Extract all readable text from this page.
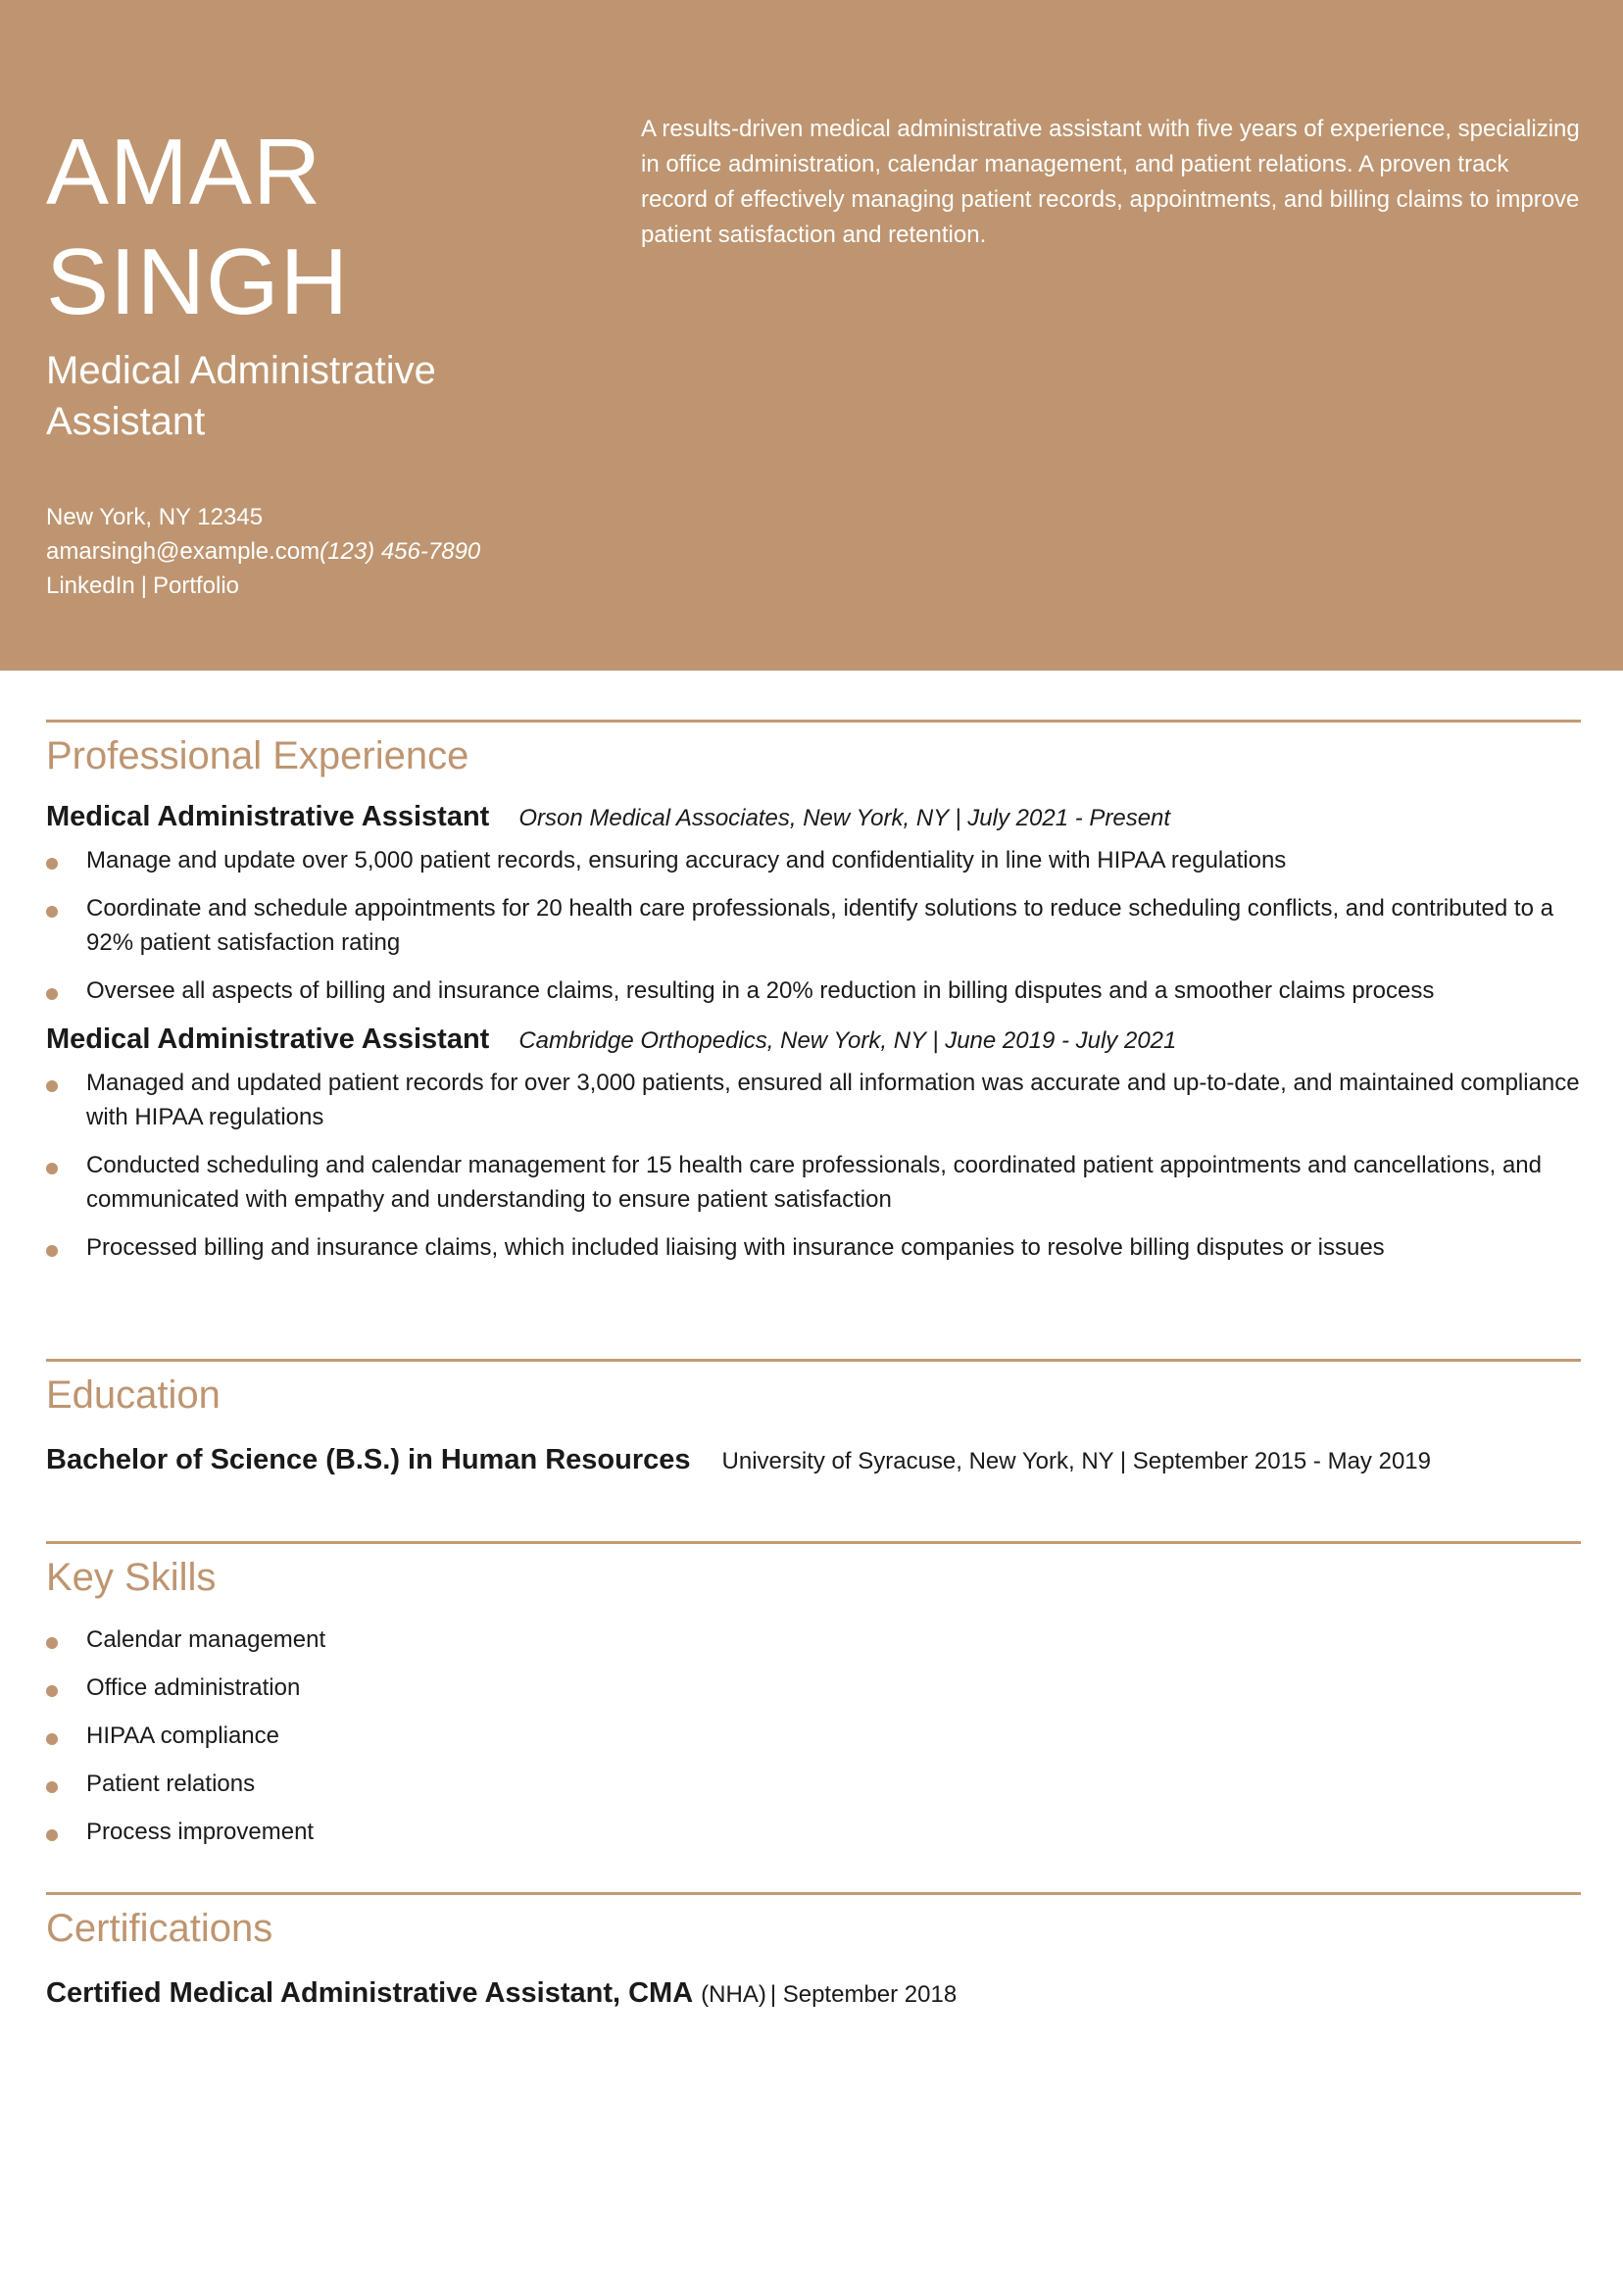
AMAR
SINGH
Medical Administrative Assistant
New York, NY 12345
amarsingh@example.com(123) 456-7890
LinkedIn | Portfolio
A results-driven medical administrative assistant with five years of experience, specializing in office administration, calendar management, and patient relations. A proven track record of effectively managing patient records, appointments, and billing claims to improve patient satisfaction and retention.
Professional Experience
Medical Administrative Assistant Orson Medical Associates, New York, NY | July 2021 - Present
Manage and update over 5,000 patient records, ensuring accuracy and confidentiality in line with HIPAA regulations
Coordinate and schedule appointments for 20 health care professionals, identify solutions to reduce scheduling conflicts, and contributed to a 92% patient satisfaction rating
Oversee all aspects of billing and insurance claims, resulting in a 20% reduction in billing disputes and a smoother claims process
Medical Administrative Assistant Cambridge Orthopedics, New York, NY | June 2019 - July 2021
Managed and updated patient records for over 3,000 patients, ensured all information was accurate and up-to-date, and maintained compliance with HIPAA regulations
Conducted scheduling and calendar management for 15 health care professionals, coordinated patient appointments and cancellations, and communicated with empathy and understanding to ensure patient satisfaction
Processed billing and insurance claims, which included liaising with insurance companies to resolve billing disputes or issues
Education
Bachelor of Science (B.S.) in Human Resources University of Syracuse, New York, NY | September 2015 - May 2019
Key Skills
Calendar management
Office administration
HIPAA compliance
Patient relations
Process improvement
Certifications
Certified Medical Administrative Assistant, CMA (NHA) | September 2018
